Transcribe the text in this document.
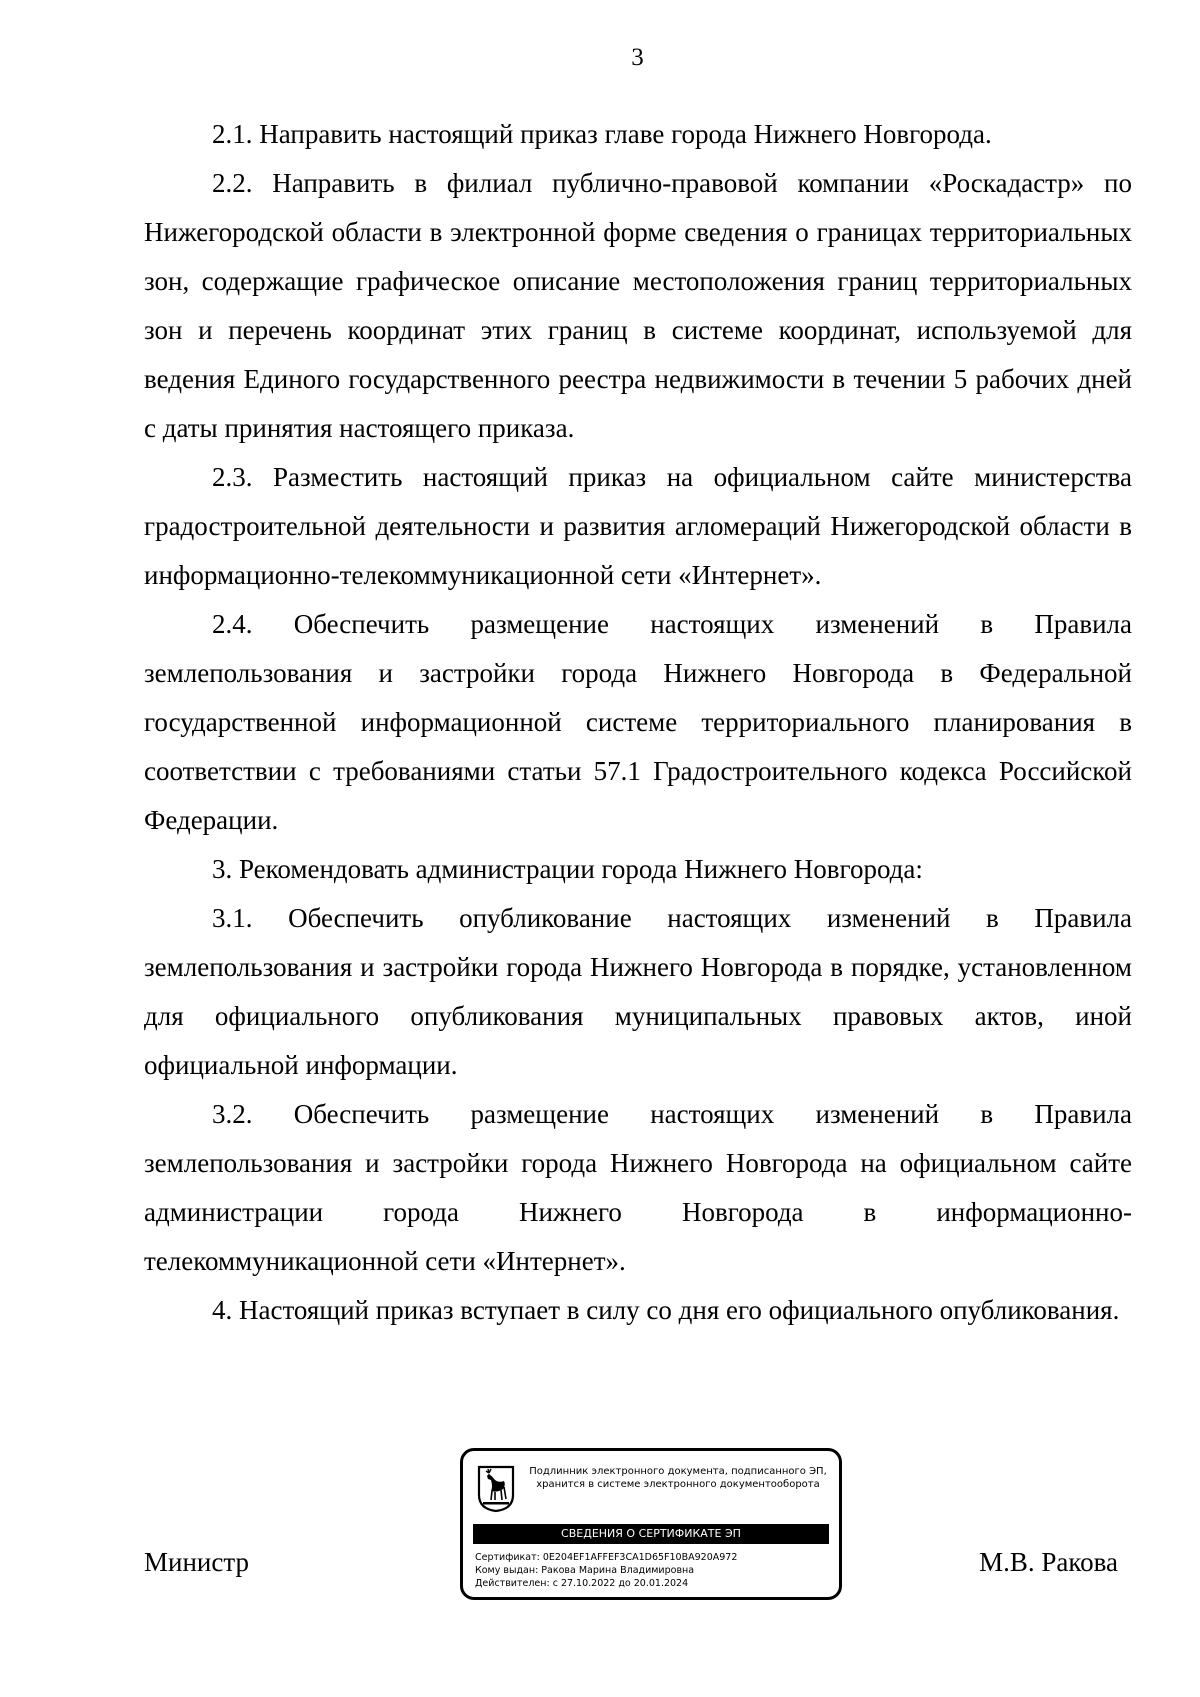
3

2.1. Направить настоящий приказ главе города Нижнего Новгорода.

2.2. Направить в филиал публично-правовой компании «Роскадастр» по Нижегородской области в электронной форме сведения о границах территориальных зон, содержащие графическое описание местоположения границ территориальных зон и перечень координат этих границ в системе координат, используемой для ведения Единого государственного реестра недвижимости в течении 5 рабочих дней с даты принятия настоящего приказа.

2.3. Разместить настоящий приказ на официальном сайте министерства градостроительной деятельности и развития агломераций Нижегородской области в информационно-телекоммуникационной сети «Интернет».

2.4. Обеспечить размещение настоящих изменений в Правила землепользования и застройки города Нижнего Новгорода в Федеральной государственной информационной системе территориального планирования в соответствии с требованиями статьи 57.1 Градостроительного кодекса Российской Федерации.

3. Рекомендовать администрации города Нижнего Новгорода:

3.1. Обеспечить опубликование настоящих изменений в Правила землепользования и застройки города Нижнего Новгорода в порядке, установленном для официального опубликования муниципальных правовых актов, иной официальной информации.

3.2. Обеспечить размещение настоящих изменений в Правила землепользования и застройки города Нижнего Новгорода на официальном сайте администрации города Нижнего Новгорода в информационно-телекоммуникационной сети «Интернет».

4. Настоящий приказ вступает в силу со дня его официального опубликования.

Министр	М.В. Ракова
Подлинник электронного документа, подписанного ЭП,
хранится в системе электронного документооборота
СВЕДЕНИЯ О СЕРТИФИКАТЕ ЭП
Сертификат: 0E204EF1AFFEF3CA1D65F10BA920A972
Кому выдан: Ракова Марина Владимировна
Действителен: с 27.10.2022 до 20.01.2024
